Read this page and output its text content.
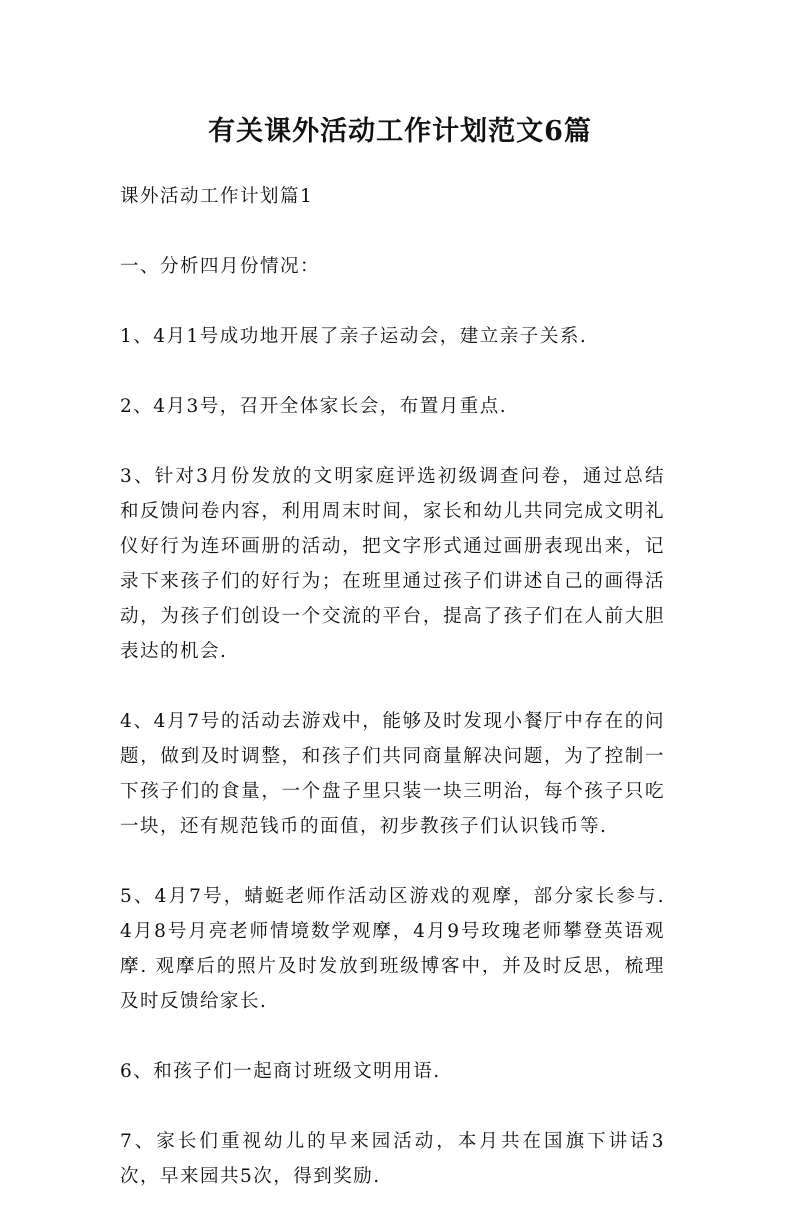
有关课外活动工作计划范文6篇

课外活动工作计划篇1

一、分析四月份情况：

1、4月1号成功地开展了亲子运动会，建立亲子关系.

2、4月3号，召开全体家长会，布置月重点.

3、针对3月份发放的文明家庭评选初级调查问卷，通过总结和反馈问卷内容，利用周末时间，家长和幼儿共同完成文明礼仪好行为连环画册的活动，把文字形式通过画册表现出来，记录下来孩子们的好行为；在班里通过孩子们讲述自己的画得活动，为孩子们创设一个交流的平台，提高了孩子们在人前大胆表达的机会.

4、4月7号的活动去游戏中，能够及时发现小餐厅中存在的问题，做到及时调整，和孩子们共同商量解决问题，为了控制一下孩子们的食量，一个盘子里只装一块三明治，每个孩子只吃一块，还有规范钱币的面值，初步教孩子们认识钱币等.

5、4月7号，蜻蜓老师作活动区游戏的观摩，部分家长参与. 4月8号月亮老师情境数学观摩，4月9号玫瑰老师攀登英语观摩. 观摩后的照片及时发放到班级博客中，并及时反思，梳理及时反馈给家长.

6、和孩子们一起商讨班级文明用语.

7、家长们重视幼儿的早来园活动，本月共在国旗下讲话3次，早来园共5次，得到奖励.
